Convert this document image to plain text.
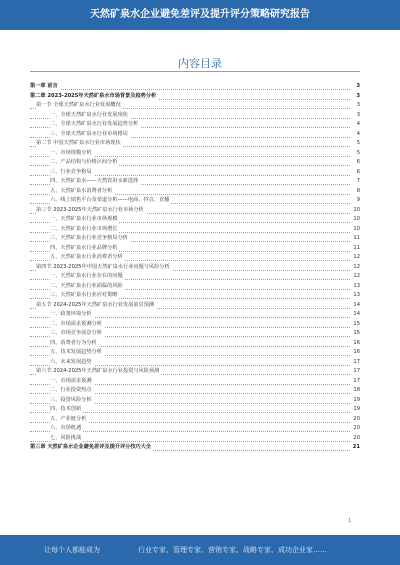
天然矿泉水企业避免差评及提升评分策略研究报告
内容目录
第一章 前言	3
第二章 2023-2025年天然矿泉水市场背景及趋势分析	3
第一节 全球天然矿泉水行业发展概况	3
一、全球天然矿泉水行业发展现状	3
二、全球天然矿泉水行业发展趋势分析	4
三、全球天然矿泉水行业市场格局	4
第二节 中国天然矿泉水行业市场现状	5
一、市场规模分析	5
二、产品结构与价格区间分析	6
三、行业竞争格局	6
四、天然矿泉水——天然饮用水新选择	7
五、天然矿泉水消费者分析	8
六、线上销售平台及渠道分析——电商、抖音、直播	9
第三节 2023-2025年天然矿泉水行业市场分析	10
一、天然矿泉水行业市场规模	10
二、天然矿泉水行业市场增长	10
三、天然矿泉水行业竞争格局分析	11
四、天然矿泉水行业品牌分析	11
五、天然矿泉水行业消费者分析	12
第四节 2023-2025年中国天然矿泉水行业问题与风险分析	12
一、天然矿泉水行业存在的问题	12
二、天然矿泉水行业面临的风险	13
三、天然矿泉水行业应对策略	13
第五节 2024-2025年天然矿泉水行业发展前景预测	14
一、政策环境分析	14
二、市场需求预测分析	15
三、市场竞争前景分析	15
四、消费者行为分析	16
五、技术发展趋势分析	16
六、未来发展趋势	17
第六节 2024-2025年天然矿泉水行业投资与风险预测	17
一、市场需求预测	17
二、行业投资热点	18
三、投资风险分析	19
四、技术创新	19
五、产业链分析	20
六、市场机遇	20
七、风险挑战	20
第三章 天然矿泉水企业避免差评及提升评分技巧大全	21
1
让每个人都能成为	行业专家、管理专家、营销专家、战略专家、成功企业家……
